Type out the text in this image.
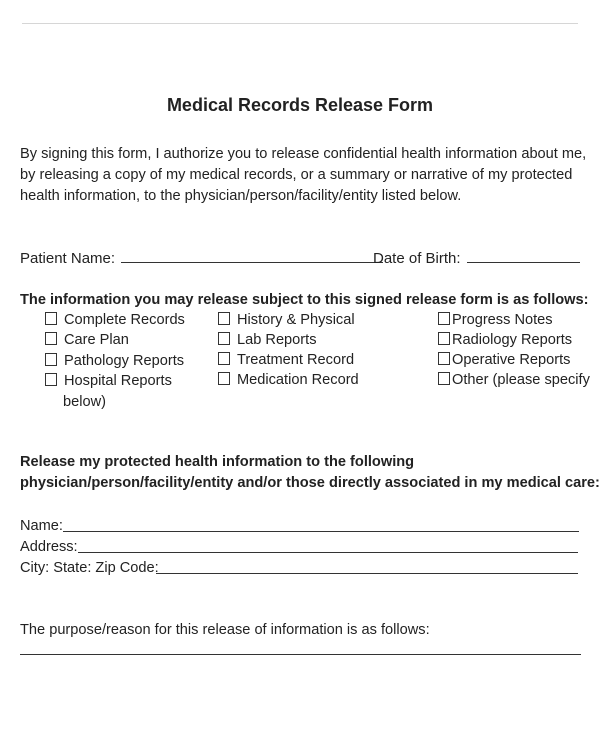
Medical Records Release Form
By signing this form, I authorize you to release confidential health information about me, by releasing a copy of my medical records, or a summary or narrative of my protected health information, to the physician/person/facility/entity listed below.
Patient Name:	Date of Birth:
The information you may release subject to this signed release form is as follows:
Complete Records
Care Plan
Pathology Reports
Hospital Reports
below)
History & Physical
Lab Reports
Treatment Record
Medication Record
Progress Notes
Radiology Reports
Operative Reports
Other (please specify
Release my protected health information to the following
physician/person/facility/entity and/or those directly associated in my medical care:
Name:
Address:
City: State: Zip Code:
The purpose/reason for this release of information is as follows:
